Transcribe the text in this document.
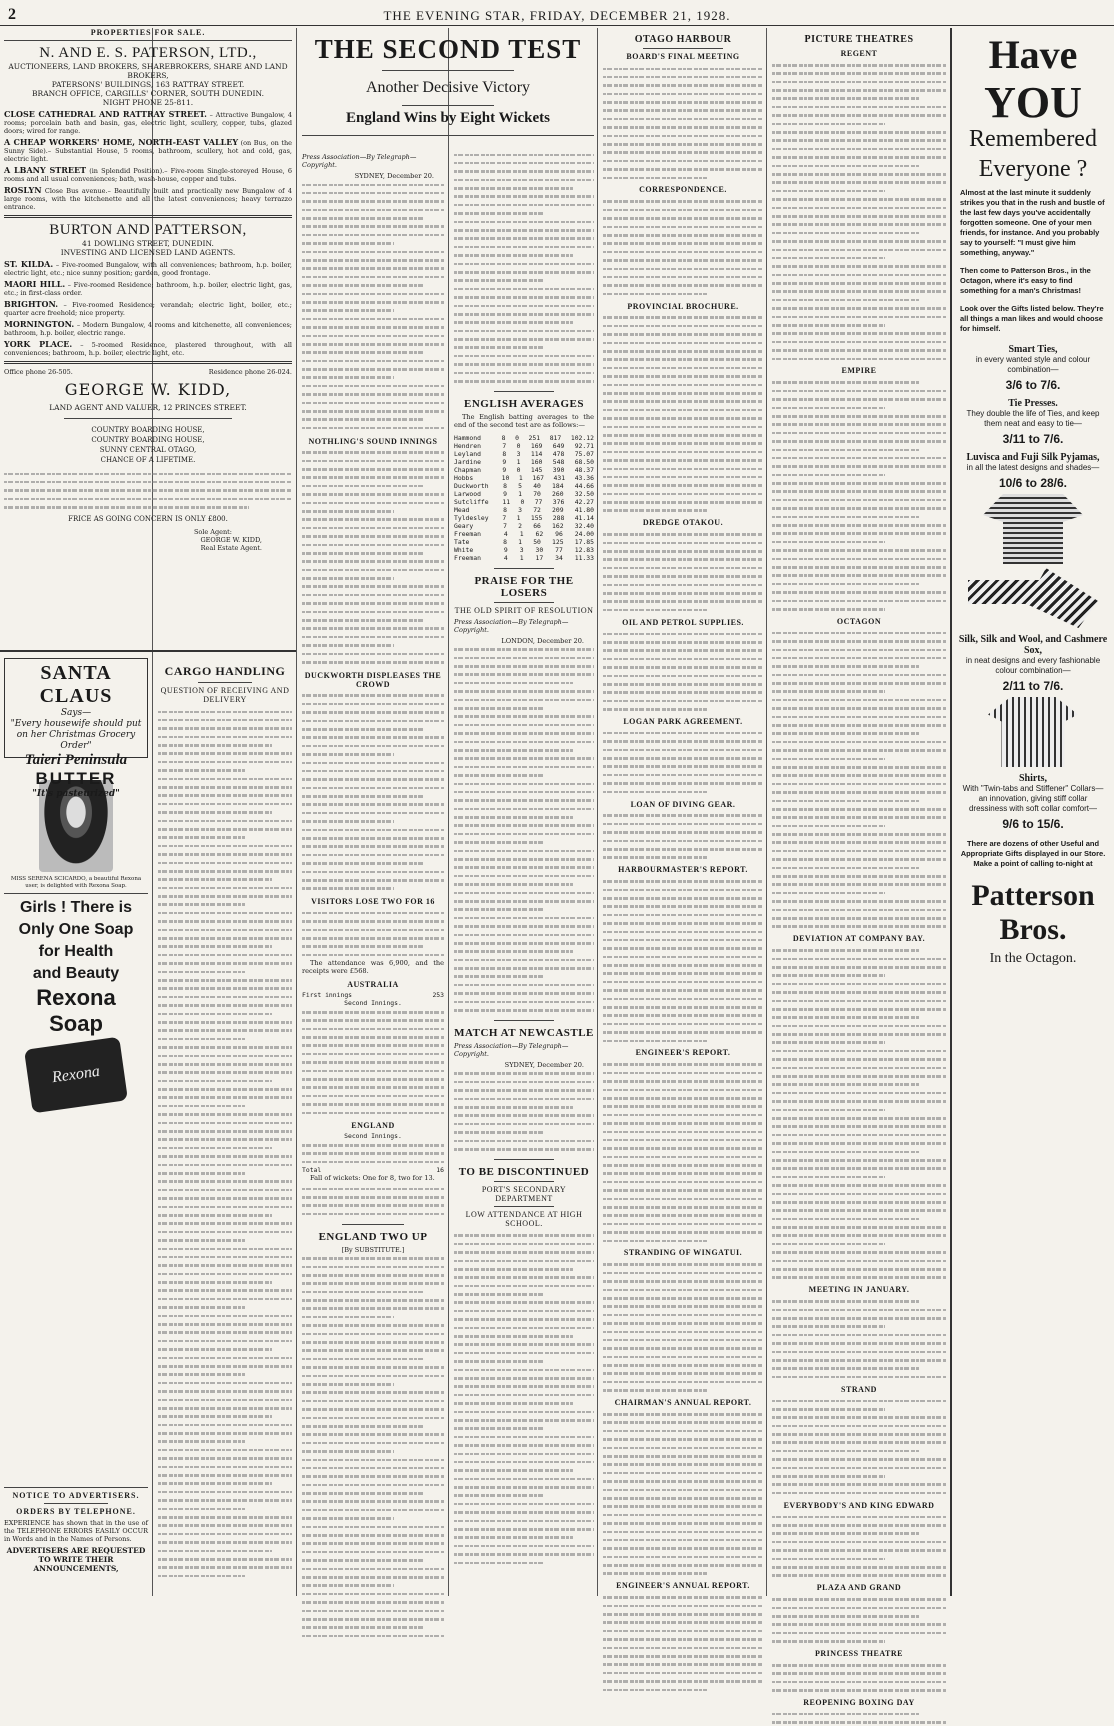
2	THE EVENING STAR, FRIDAY, DECEMBER 21, 1928.
PROPERTIES FOR SALE.
N. AND E. S. PATERSON, LTD.,
AUCTIONEERS, LAND BROKERS, SHAREBROKERS, SHARE AND LAND BROKERS,
PATERSONS' BUILDINGS, 163 RATTRAY STREET.
BRANCH OFFICE, CARGILLS' CORNER, SOUTH DUNEDIN.
NIGHT PHONE 25-811.
CLOSE CATHEDRAL AND RATTRAY STREET. – Attractive Bungalow, 4 rooms; porcelain bath and basin, gas, electric light, scullery, copper, tubs, glazed doors; wired for range.
A CHEAP WORKERS' HOME, NORTH-EAST VALLEY (on Bus, on the Sunny Side).– Substantial House, 5 rooms, bathroom, scullery, hot and cold, gas, electric light.
A LBANY STREET (in Splendid Position).– Five-room Single-storeyed House, 6 rooms and all usual conveniences; bath, wash-house, copper and tubs.
ROSLYN Close Bus avenue.– Beautifully built and practically new Bungalow of 4 large rooms, with the kitchenette and all the latest conveniences; heavy terrazzo entrance.
BURTON AND PATTERSON,
41 DOWLING STREET, DUNEDIN.
INVESTING AND LICENSED LAND AGENTS.
ST. KILDA. – Five-roomed Bungalow, with all conveniences; bathroom, h.p. boiler, electric light, etc.; nice sunny position; garden, good frontage.
MAORI HILL. – Five-roomed Residence; bathroom, h.p. boiler, electric light, gas, etc.; in first-class order.
BRIGHTON. – Five-roomed Residence; verandah; electric light, boiler, etc.; quarter acre freehold; nice property.
MORNINGTON. – Modern Bungalow, 4 rooms and kitchenette, all conveniences; bathroom, h.p. boiler, electric range.
YORK PLACE. – 5-roomed Residence, plastered throughout, with all conveniences; bathroom, h.p. boiler, electric light, etc.
Office phone 26-505.	Residence phone 26-024.
GEORGE W. KIDD,
LAND AGENT AND VALUER, 12 PRINCES STREET.
COUNTRY BOARDING HOUSE,
COUNTRY BOARDING HOUSE,
SUNNY CENTRAL OTAGO,
CHANCE OF A LIFETIME.
FRICE AS GOING CONCERN IS ONLY £800.
Sole Agent:
GEORGE W. KIDD,
Real Estate Agent.
SANTA CLAUS
Says—
"Every housewife should put on her Christmas Grocery Order"
Taieri Peninsula
BUTTER
"It's pasteurized"
MISS SERENA SCICARDO, a beautiful Rexona user, is delighted with Rexona Soap.
Girls ! There is
Only One Soap
for Health
and Beauty
Rexona
Soap
Rexona
NOTICE TO ADVERTISERS.
ORDERS BY TELEPHONE.
EXPERIENCE has shown that in the use of the TELEPHONE ERRORS EASILY OCCUR in Words and in the Names of Persons.
ADVERTISERS ARE REQUESTED TO WRITE THEIR ANNOUNCEMENTS,
CARGO HANDLING
QUESTION OF RECEIVING AND DELIVERY
THE SECOND TEST
Another Decisive Victory
England Wins by Eight Wickets
Press Association—By Telegraph—Copyright.
SYDNEY, December 20.
NOTHLING'S SOUND INNINGS
DUCKWORTH DISPLEASES THE CROWD
VISITORS LOSE TWO FOR 16

The attendance was 6,900, and the receipts were £568.

AUSTRALIA
First innings	253
Second Innings.
ENGLAND
Second Innings.
Total	16

Fall of wickets: One for 8, two for 13.

ENGLAND TWO UP
[By SUBSTITUTE.]
ENGLISH AVERAGES

The English batting averages to the end of the second test are as follows:—

Hammond	8 0 251 817 102.12
Hendren	7 0 169 649 92.71
Leyland	8 3 114 478 75.07
Jardine	9 1 160 548 68.50
Chapman	9 0 145 390 48.37
Hobbs	10 1 167 431 43.36
Duckworth	8 5 40 184 44.66
Larwood	9 1 70 260 32.50
Sutcliffe	11 0 77 376 42.27
Mead	8 3 72 209 41.80
Tyldesley	7 1 155 288 41.14
Geary	7 2 66 162 32.40
Freeman	4 1 62 96 24.00
Tate	8 1 50 125 17.85
White	9 3 30 77 12.83
Freeman	4 1 17 34 11.33
PRAISE FOR THE LOSERS
THE OLD SPIRIT OF RESOLUTION
Press Association—By Telegraph—Copyright.
LONDON, December 20.
MATCH AT NEWCASTLE
Press Association—By Telegraph—Copyright.
SYDNEY, December 20.
TO BE DISCONTINUED
PORT'S SECONDARY DEPARTMENT
LOW ATTENDANCE AT HIGH SCHOOL.
OTAGO HARBOUR
BOARD'S FINAL MEETING
CORRESPONDENCE.
PROVINCIAL BROCHURE.
DREDGE OTAKOU.
OIL AND PETROL SUPPLIES.
LOGAN PARK AGREEMENT.
LOAN OF DIVING GEAR.
HARBOURMASTER'S REPORT.
ENGINEER'S REPORT.
STRANDING OF WINGATUI.
CHAIRMAN'S ANNUAL REPORT.
ENGINEER'S ANNUAL REPORT.
PICTURE THEATRES
REGENT
EMPIRE
OCTAGON
DEVIATION AT COMPANY BAY.
MEETING IN JANUARY.
STRAND
EVERYBODY'S AND KING EDWARD
PLAZA AND GRAND
PRINCESS THEATRE
REOPENING BOXING DAY
Have
YOU
Remembered
Everyone ?
Almost at the last minute it suddenly strikes you that in the rush and bustle of the last few days you've accidentally forgotten someone. One of your men friends, for instance. And you probably say to yourself: "I must give him something, anyway."
Then come to Patterson Bros., in the Octagon, where it's easy to find something for a man's Christmas!
Look over the Gifts listed below. They're all things a man likes and would choose for himself.
Smart Ties,
in every wanted style and colour combination—
3/6 to 7/6.
Tie Presses.
They double the life of Ties, and keep them neat and easy to tie—
3/11 to 7/6.
Luvisca and Fuji Silk Pyjamas,
in all the latest designs and shades—
10/6 to 28/6.
Silk, Silk and Wool, and Cashmere Sox,
in neat designs and every fashionable colour combination—
2/11 to 7/6.
Shirts,
With "Twin-tabs and Stiffener" Collars—an innovation, giving stiff collar dressiness with soft collar comfort—
9/6 to 15/6.
There are dozens of other Useful and Appropriate Gifts displayed in our Store. Make a point of calling to-night at
Patterson Bros.
In the Octagon.
